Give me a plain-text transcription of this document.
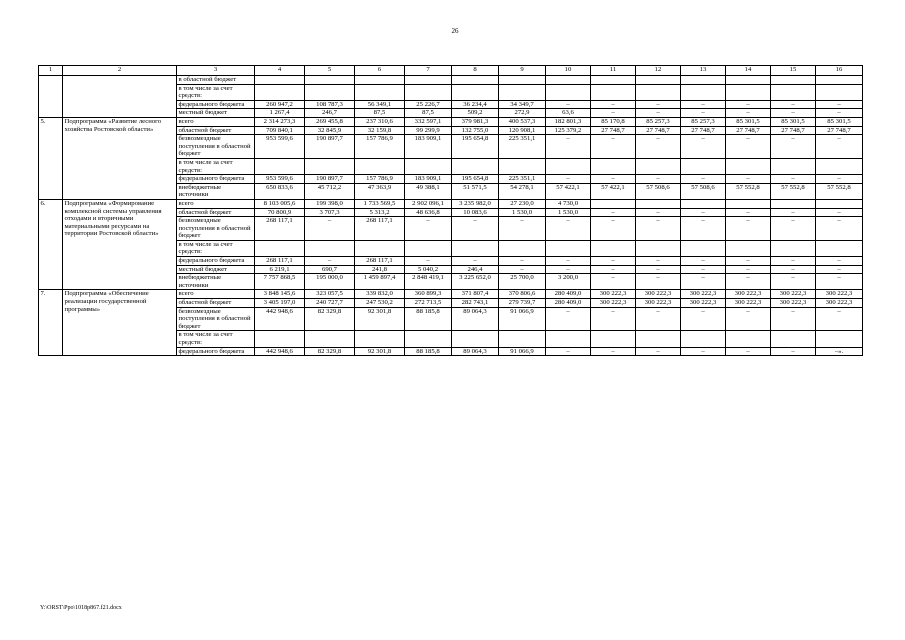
26
1	2	3	4	5	6	7	8	9	10	11	12	13	14	15	16
		в областной бюджет													
		в том числе за счет средств:													
		федерального бюджета	260 947,2	108 787,3	56 349,1	25 226,7	36 234,4	34 349,7	–	–	–	–	–	–	–
		местный бюджет	1 267,4	246,7	87,5	87,5	509,2	272,9	63,6	–	–	–	–	–	–
5.	Подпрограмма «Развитие лесного хозяйства Ростовской области»	всего	2 314 273,3	269 455,8	237 310,6	332 597,1	379 981,3	400 537,3	182 801,3	85 170,8	85 257,3	85 257,3	85 301,5	85 301,5	85 301,5
		областной бюджет	709 840,1	32 845,9	32 159,8	99 299,9	132 755,0	120 908,1	125 379,2	27 748,7	27 748,7	27 748,7	27 748,7	27 748,7	27 748,7
		безвозмездные поступления в областной бюджет	953 599,6	190 897,7	157 786,9	183 909,1	195 654,8	225 351,1	–	–	–	–	–	–	–
		в том числе за счет средств:													
		федерального бюджета	953 599,6	190 897,7	157 786,9	183 909,1	195 654,8	225 351,1	–	–	–	–	–	–	–
		внебюджетные источники	650 833,6	45 712,2	47 363,9	49 388,1	51 571,5	54 278,1	57 422,1	57 422,1	57 508,6	57 508,6	57 552,8	57 552,8	57 552,8
6.	Подпрограмма «Формирование комплексной системы управления отходами и вторичными материальными ресурсами на территории Ростовской области»	всего	8 103 005,6	199 398,0	1 733 569,5	2 902 096,1	3 235 982,0	27 230,0	4 730,0						
		областной бюджет	70 800,9	3 707,3	5 313,2	48 636,8	10 083,6	1 530,0	1 530,0	–	–	–	–	–	–
		безвозмездные поступления в областной бюджет	268 117,1	–	268 117,1	–	–	–	–	–	–	–	–	–	–
		в том числе за счет средств:													
		федерального бюджета	268 117,1	–	268 117,1	–	–	–	–	–	–	–	–	–	–
		местный бюджет	6 219,1	690,7	241,8	5 040,2	246,4	–	–	–	–	–	–	–	–
		внебюджетные источники	7 757 868,5	195 000,0	1 459 897,4	2 848 419,1	3 225 652,0	25 700,0	3 200,0	–	–	–	–	–	–
7.	Подпрограмма «Обеспечение реализации государственной программы»	всего	3 848 145,6	323 057,5	339 832,0	360 899,3	371 807,4	370 806,6	280 409,0	300 222,3	300 222,3	300 222,3	300 222,3	300 222,3	300 222,3
		областной бюджет	3 405 197,0	240 727,7	247 530,2	272 713,5	282 743,1	279 739,7	280 409,0	300 222,3	300 222,3	300 222,3	300 222,3	300 222,3	300 222,3
		безвозмездные поступления в областной бюджет	442 948,6	82 329,8	92 301,8	88 185,8	89 064,3	91 066,9	–	–	–	–	–	–	–
		в том числе за счет средств:													
		федерального бюджета	442 948,6	82 329,8	92 301,8	88 185,8	89 064,3	91 066,9	–	–	–	–	–	–	–».
Y:\ORST\Ppo\1018p867.f21.docx
